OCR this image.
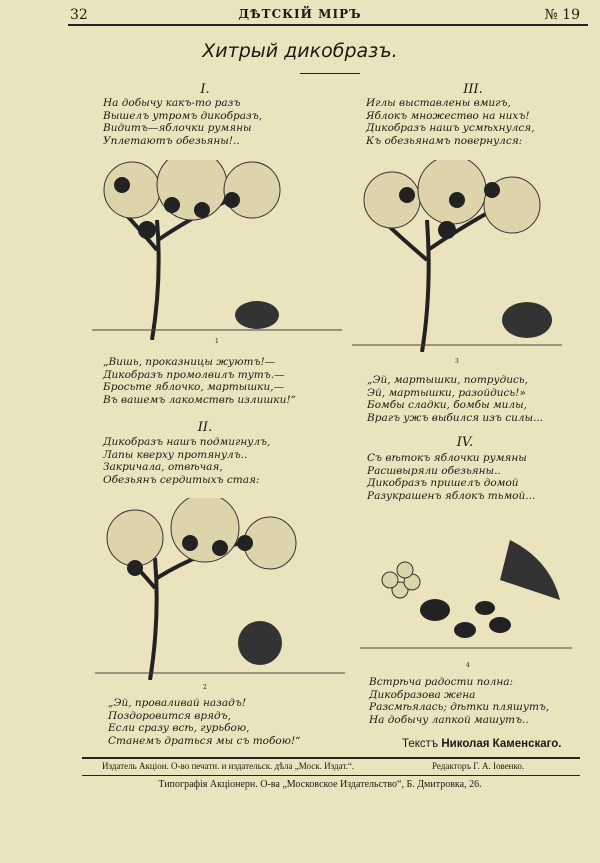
32	ДѢТСКІЙ МІРЪ	№ 19
Хитрый дикобразъ.
I.
На добычу какъ-то разъ
Вышелъ утромъ дикобразъ,
Видитъ—яблочки румяны
Уплетаютъ обезьяны!..
III.
Иглы выставлены вмигъ,
Яблокъ множество на нихъ!
Дикобразъ нашъ усмѣхнулся,
Къ обезьянамъ повернулся:
1
3
„Вишь, проказницы жуютъ!—
Дикобразъ промолвилъ тутъ.—
Бросьте яблочко, мартышки,—
Въ вашемъ лакомствѣ излишки!“
II.
Дикобразъ нашъ подмигнулъ,
Лапы кверху протянулъ..
Закричала, отвѣчая,
Обезьянъ сердитыхъ стая:
„Эй, мартышки, потрудись,
Эй, мартышки, разойдись!»
Бомбы сладки, бомбы милы,
Врагъ ужъ выбился изъ силы...
IV.
Съ вѣтокъ яблочки румяны
Расшвыряли обезьяны..
Дикобразъ пришелъ домой
Разукрашенъ яблокъ тьмой...
2
4
„Эй, проваливай назадъ!
Поздоровится врядъ,
Если сразу всѣ, гурьбою,
Станемъ драться мы съ тобою!“
Встрѣча радости полна:
Дикобразова жена
Разсмѣялась; дѣтки пляшутъ,
На добычу лапкой машутъ..
Текстъ Николая Каменскаго.
Издатель Акціон. О-во печатн. и издательск. дѣла „Моск. Издат.“.	Редакторъ Г. А. Іовенко.
Типографія Акціонерн. О-ва „Московское Издательство“, Б. Дмитровка, 26.
